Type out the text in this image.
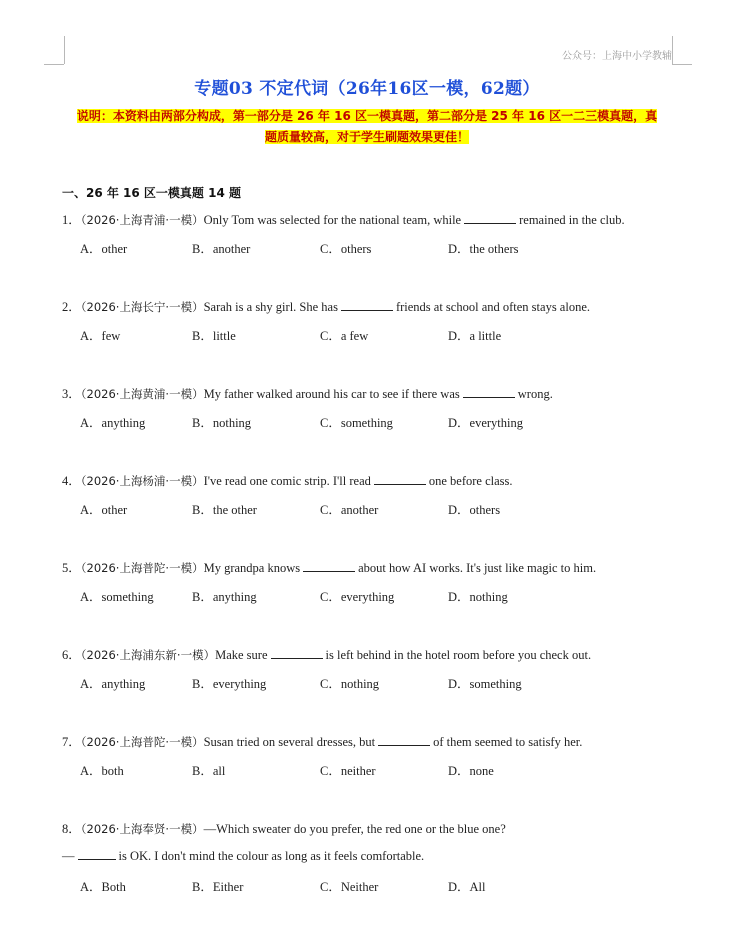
公众号：上海中小学教辅
专题03 不定代词（26年16区一模，62题）
说明：本资料由两部分构成，第一部分是 26 年 16 区一模真题，第二部分是 25 年 16 区一二三模真题，真
题质量较高，对于学生刷题效果更佳！
一、26 年 16 区一模真题 14 题
1．（2026·上海青浦·一模）Only Tom was selected for the national team, while	remained in the club.
A．other	B．another	C．others	D．the others
2．（2026·上海长宁·一模）Sarah is a shy girl. She has	friends at school and often stays alone.
A．few	B．little	C．a few	D．a little
3．（2026·上海黄浦·一模）My father walked around his car to see if there was	wrong.
A．anything	B．nothing	C．something	D．everything
4．（2026·上海杨浦·一模）I've read one comic strip. I'll read	one before class.
A．other	B．the other	C．another	D．others
5．（2026·上海普陀·一模）My grandpa knows	about how AI works. It's just like magic to him.
A．something	B．anything	C．everything	D．nothing
6．（2026·上海浦东新·一模）Make sure	is left behind in the hotel room before you check out.
A．anything	B．everything	C．nothing	D．something
7．（2026·上海普陀·一模）Susan tried on several dresses, but	of them seemed to satisfy her.
A．both	B．all	C．neither	D．none
8．（2026·上海奉贤·一模）—Which sweater do you prefer, the red one or the blue one?
—	is OK. I don't mind the colour as long as it feels comfortable.
A．Both	B．Either	C．Neither	D．All
